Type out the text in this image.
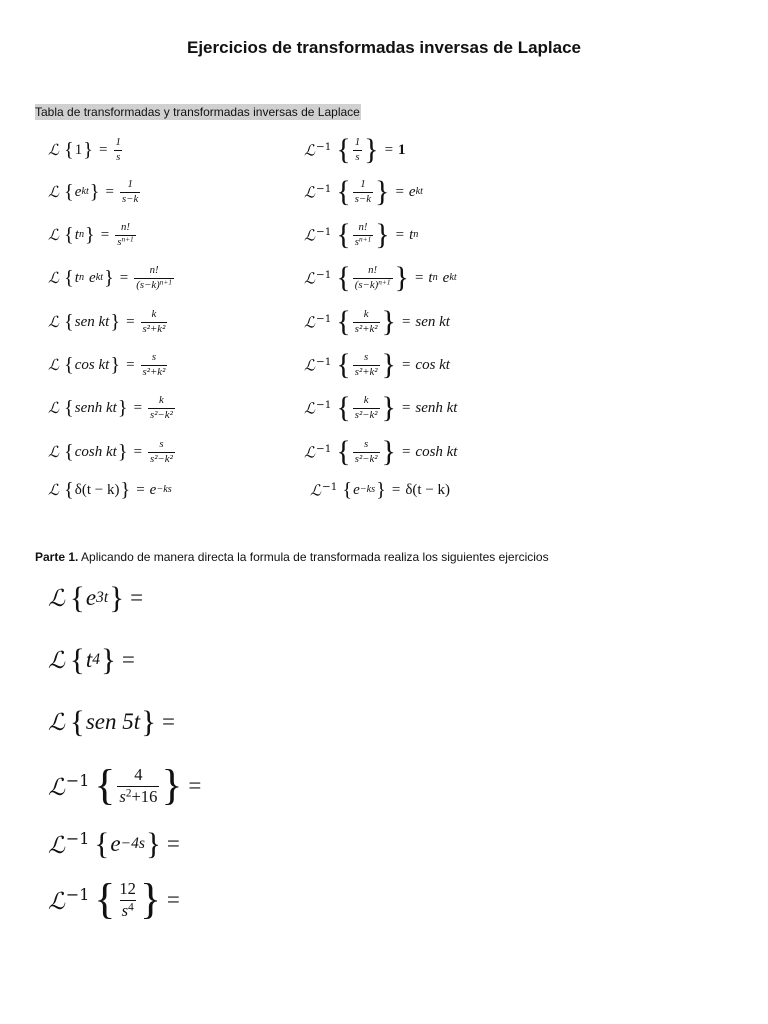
Ejercicios de transformadas inversas de Laplace
Tabla de transformadas y transformadas inversas de Laplace
ℒ { 1 } = $\frac{1}{s}$	ℒ$^{-1}$ { $\frac{1}{s}$ } = 1
ℒ { e kt } = $\frac{1}{s-k}$	ℒ$^{-1}$ { $\frac{1}{s-k}$ } = e kt
ℒ { t n } = $\frac{n!}{s^{n+1}}$	ℒ$^{-1}$ { $\frac{n!}{s^{n+1}}$ } = t n
ℒ { t n e kt } = $\frac{n!}{(s-k)^{n+1}}$	ℒ$^{-1}$ { $\frac{n!}{(s-k)^{n+1}}$ } = t n e kt
ℒ { sen kt } = $\frac{k}{\text{s²+k²}}$	ℒ$^{-1}$ { $\frac{k}{\text{s²+k²}}$ } = sen kt
ℒ { cos kt } = $\frac{s}{\text{s²+k²}}$	ℒ$^{-1}$ { $\frac{s}{\text{s²+k²}}$ } = cos kt
ℒ { senh kt } = $\frac{k}{\text{s²−k²}}$	ℒ$^{-1}$ { $\frac{k}{\text{s²−k²}}$ } = senh kt
ℒ { cosh kt } = $\frac{s}{\text{s²−k²}}$	ℒ$^{-1}$ { $\frac{s}{\text{s²−k²}}$ } = cosh kt
ℒ { δ(t − k) } = e −ks	ℒ$^{-1}$ { e −ks } = δ(t − k)
Parte 1. Aplicando de manera directa la formula de transformada realiza los siguientes ejercicios
ℒ { e 3t } =
ℒ { t 4 } =
ℒ { sen 5t } =
ℒ$^{-1}$ { $\frac{4}{s^2+16}$ } =
ℒ$^{-1}$ { e −4s } =
ℒ$^{-1}$ { $\frac{12}{s^4}$ } =
